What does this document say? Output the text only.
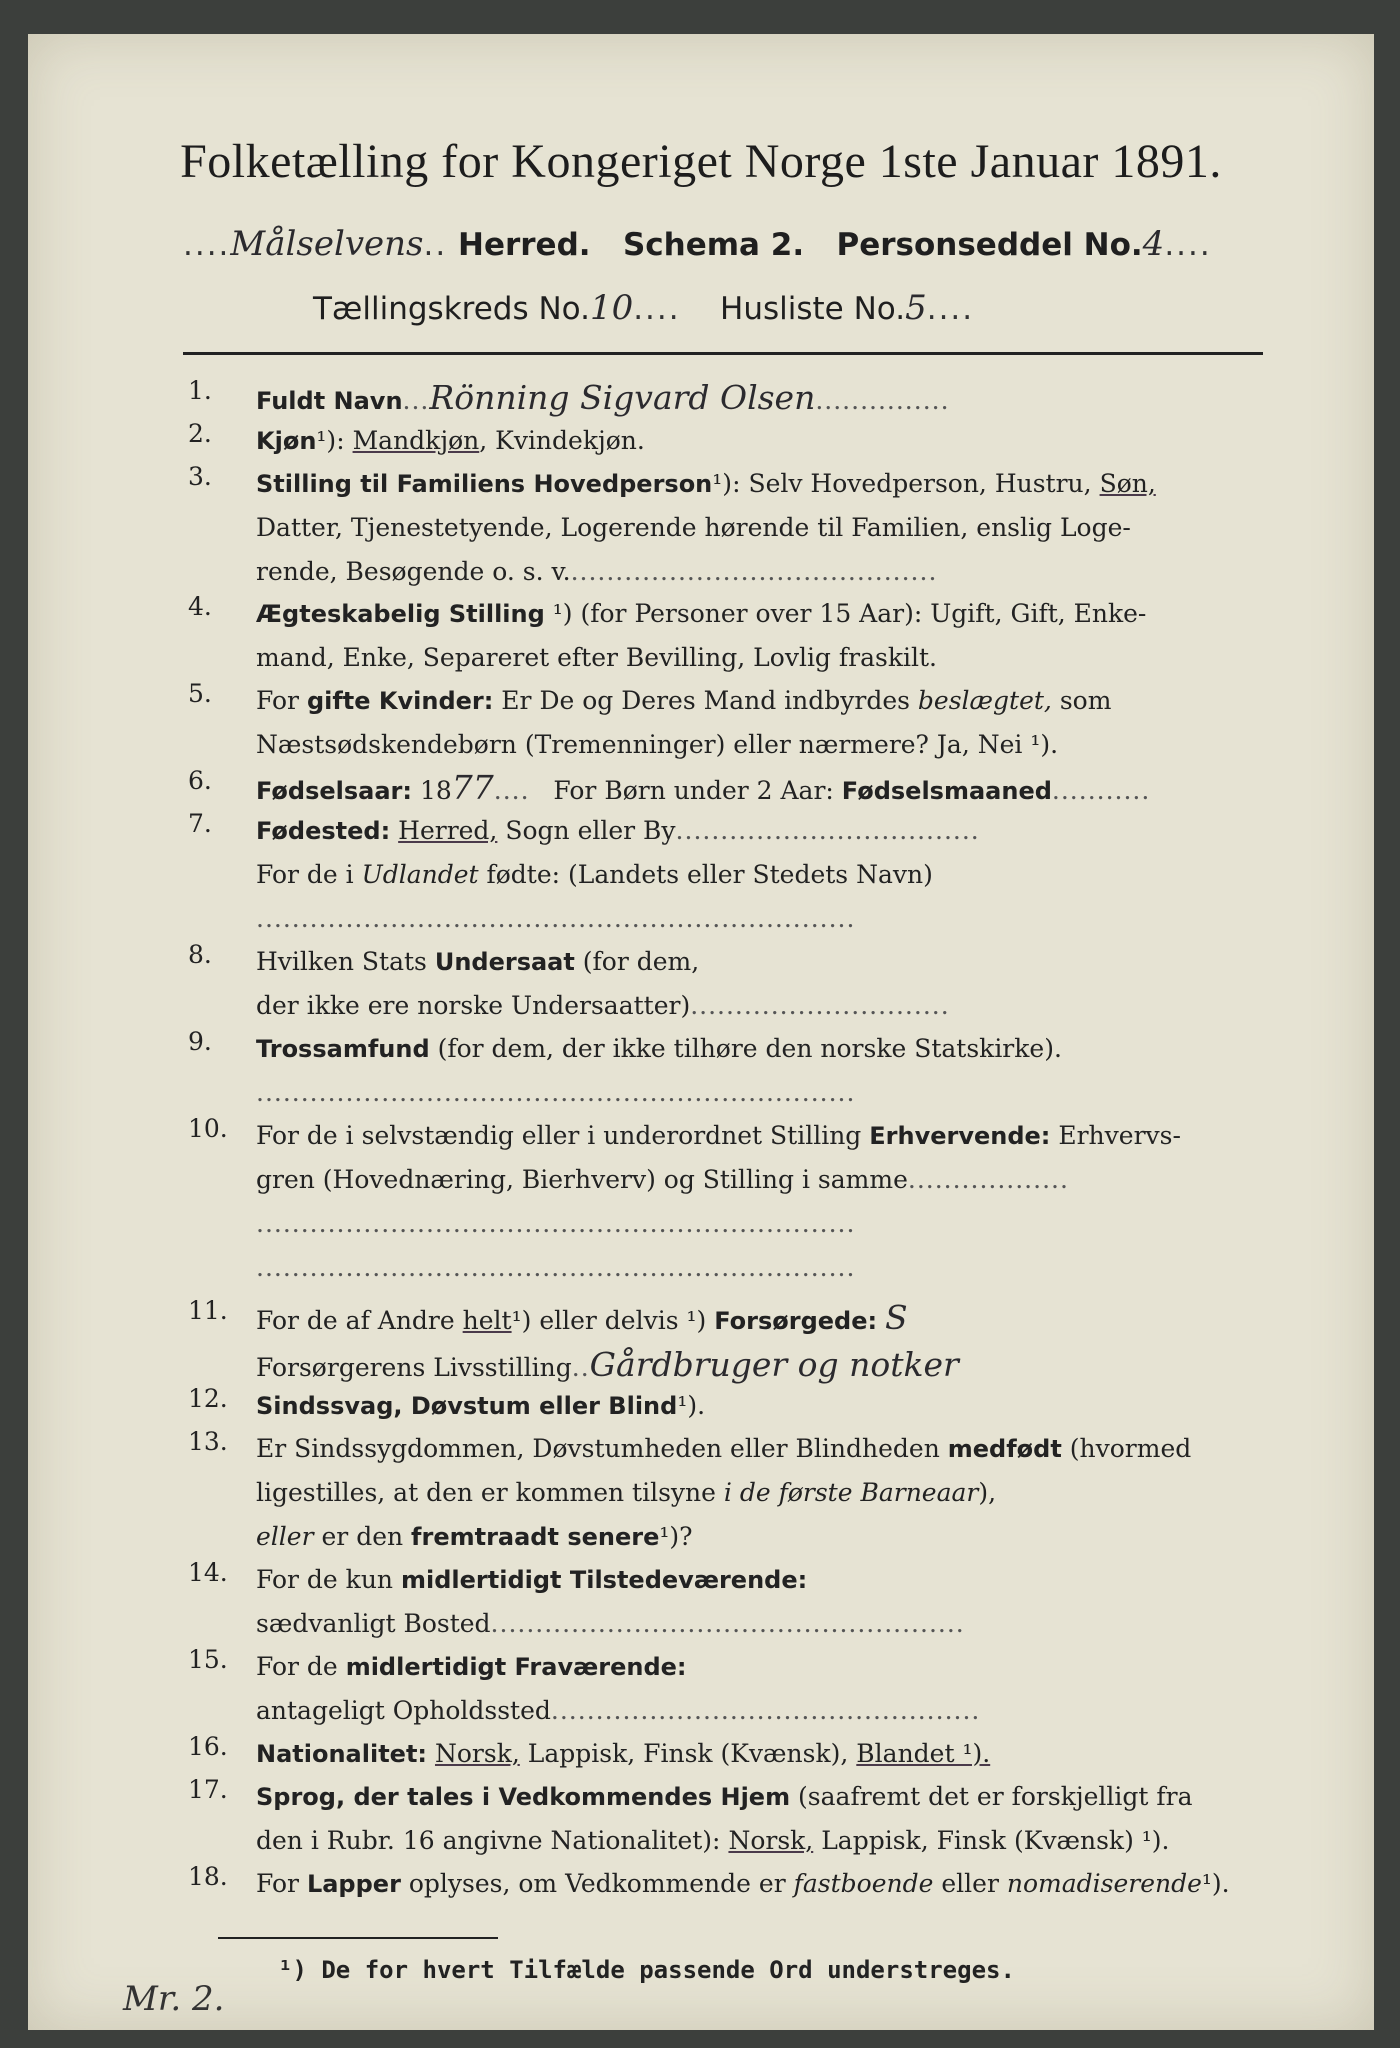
Folketælling for Kongeriget Norge 1ste Januar 1891.
....Målselvens.. Herred. Schema 2. Personseddel No.4....
Tællingskreds No.10.... Husliste No.5....
1.	Fuldt Navn...Rönning Sigvard Olsen...............
2.	Kjøn¹): Mandkjøn, Kvindekjøn.
3.	Stilling til Familiens Hovedperson¹): Selv Hovedperson, Hustru, Søn,
Datter, Tjenestetyende, Logerende hørende til Familien, enslig Loge-
rende, Besøgende o. s. v..........................................
4.	Ægteskabelig Stilling ¹) (for Personer over 15 Aar): Ugift, Gift, Enke-
mand, Enke, Separeret efter Bevilling, Lovlig fraskilt.
5.	For gifte Kvinder: Er De og Deres Mand indbyrdes beslægtet, som
Næstsødskendebørn (Tremenninger) eller nærmere? Ja, Nei ¹).
6.	Fødselsaar: 1877.... For Børn under 2 Aar: Fødselsmaaned...........
7.	Fødested: Herred, Sogn eller By..................................
For de i Udlandet fødte: (Landets eller Stedets Navn)
...................................................................
8.	Hvilken Stats Undersaat (for dem,
der ikke ere norske Undersaatter).............................
9.	Trossamfund (for dem, der ikke tilhøre den norske Statskirke).
...................................................................
10.	For de i selvstændig eller i underordnet Stilling Erhvervende: Erhvervs-
gren (Hovednæring, Bierhverv) og Stilling i samme..................
...................................................................
...................................................................
11.	For de af Andre helt¹) eller delvis ¹) Forsørgede: S
Forsørgerens Livsstilling..Gårdbruger og notker
12.	Sindssvag, Døvstum eller Blind¹).
13.	Er Sindssygdommen, Døvstumheden eller Blindheden medfødt (hvormed
ligestilles, at den er kommen tilsyne i de første Barneaar),
eller er den fremtraadt senere¹)?
14.	For de kun midlertidigt Tilstedeværende:
sædvanligt Bosted.....................................................
15.	For de midlertidigt Fraværende:
antageligt Opholdssted................................................
16.	Nationalitet: Norsk, Lappisk, Finsk (Kvænsk), Blandet ¹).
17.	Sprog, der tales i Vedkommendes Hjem (saafremt det er forskjelligt fra
den i Rubr. 16 angivne Nationalitet): Norsk, Lappisk, Finsk (Kvænsk) ¹).
18.	For Lapper oplyses, om Vedkommende er fastboende eller nomadiserende¹).
¹) De for hvert Tilfælde passende Ord understreges.
Mr. 2.
